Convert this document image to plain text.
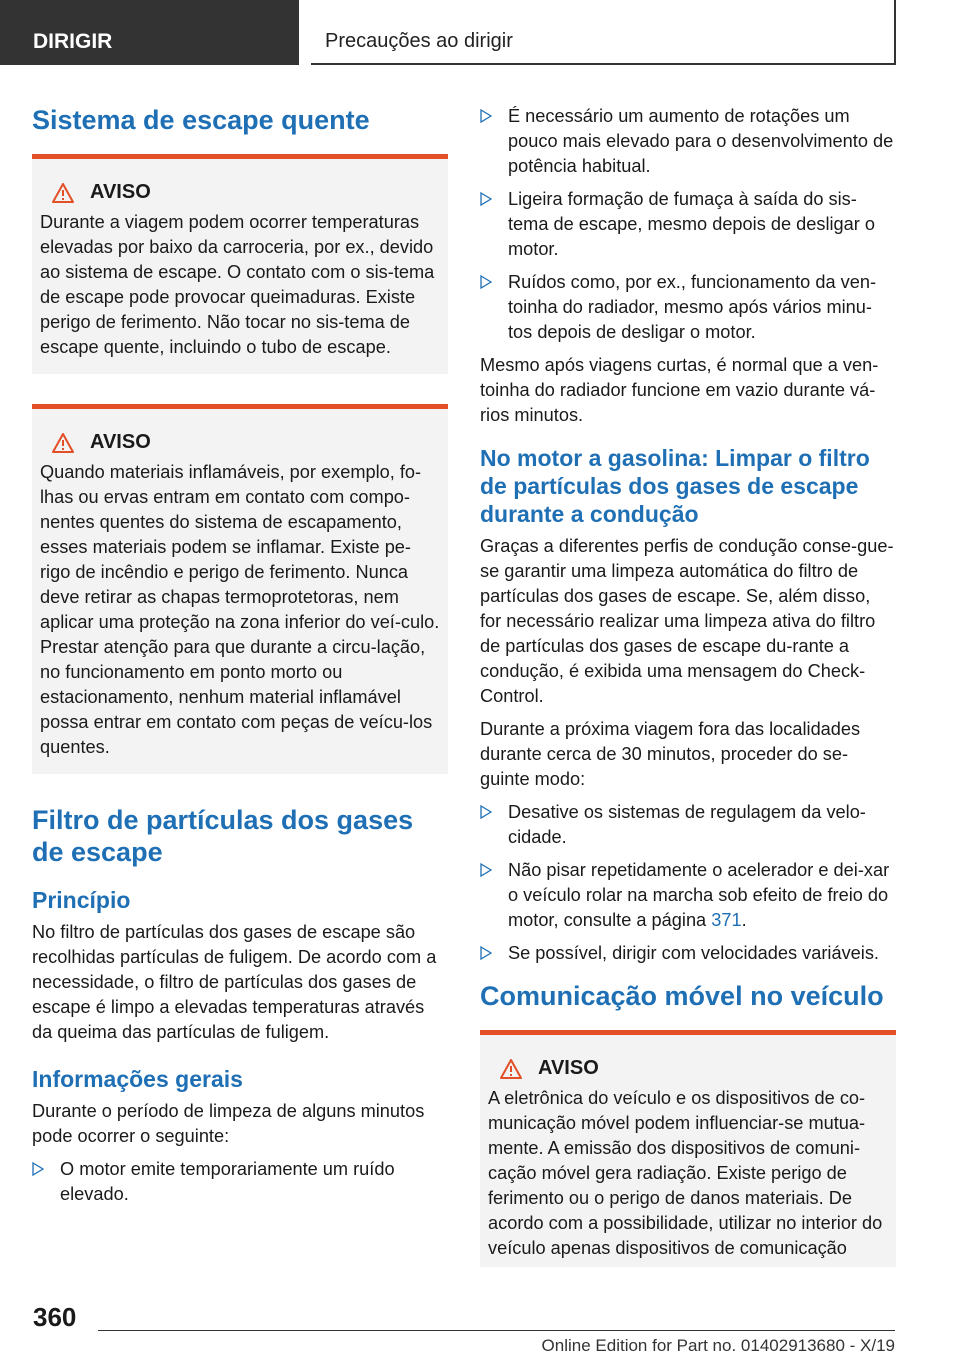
DIRIGIR	Precauções ao dirigir
Sistema de escape quente
AVISO

Durante a viagem podem ocorrer temperaturas elevadas por baixo da carroceria, por ex., devido ao sistema de escape. O contato com o sis-tema de escape pode provocar queimaduras. Existe perigo de ferimento. Não tocar no sis-tema de escape quente, incluindo o tubo de escape.

AVISO

Quando materiais inflamáveis, por exemplo, fo-lhas ou ervas entram em contato com compo-nentes quentes do sistema de escapamento, esses materiais podem se inflamar. Existe pe-rigo de incêndio e perigo de ferimento. Nunca deve retirar as chapas termoprotetoras, nem aplicar uma proteção na zona inferior do veí-culo. Prestar atenção para que durante a circu-lação, no funcionamento em ponto morto ou estacionamento, nenhum material inflamável possa entrar em contato com peças de veícu-los quentes.

Filtro de partículas dos gases de escape
Princípio

No filtro de partículas dos gases de escape são recolhidas partículas de fuligem. De acordo com a necessidade, o filtro de partículas dos gases de escape é limpo a elevadas temperaturas através da queima das partículas de fuligem.

Informações gerais

Durante o período de limpeza de alguns minutos pode ocorrer o seguinte:

O motor emite temporariamente um ruído elevado.
É necessário um aumento de rotações um pouco mais elevado para o desenvolvimento de potência habitual.
Ligeira formação de fumaça à saída do sis-tema de escape, mesmo depois de desligar o motor.
Ruídos como, por ex., funcionamento da ven-toinha do radiador, mesmo após vários minu-tos depois de desligar o motor.

Mesmo após viagens curtas, é normal que a ven-toinha do radiador funcione em vazio durante vá-rios minutos.

No motor a gasolina: Limpar o filtro de partículas dos gases de escape durante a condução

Graças a diferentes perfis de condução conse-gue-se garantir uma limpeza automática do filtro de partículas dos gases de escape. Se, além disso, for necessário realizar uma limpeza ativa do filtro de partículas dos gases de escape du-rante a condução, é exibida uma mensagem do Check-Control.

Durante a próxima viagem fora das localidades durante cerca de 30 minutos, proceder do se-guinte modo:

Desative os sistemas de regulagem da velo-cidade.
Não pisar repetidamente o acelerador e dei-xar o veículo rolar na marcha sob efeito de freio do motor, consulte a página 371.
Se possível, dirigir com velocidades variáveis.
Comunicação móvel no veículo
AVISO

A eletrônica do veículo e os dispositivos de co-municação móvel podem influenciar-se mutua-mente. A emissão dos dispositivos de comuni-cação móvel gera radiação. Existe perigo de ferimento ou o perigo de danos materiais. De acordo com a possibilidade, utilizar no interior do veículo apenas dispositivos de comunicação

360
Online Edition for Part no. 01402913680 - X/19
